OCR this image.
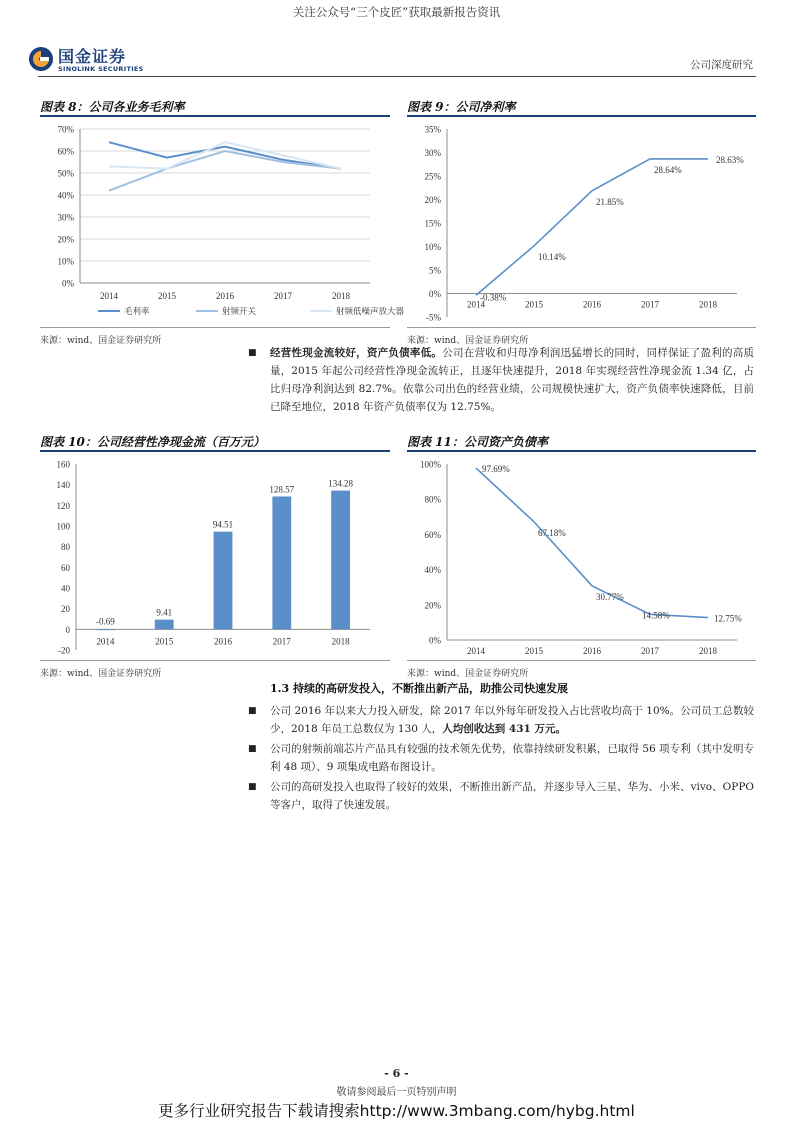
关注公众号“三个皮匠”获取最新报告资讯
国金证券
SINOLINK SECURITIES	公司深度研究
图表 8：公司各业务毛利率
0%
10%
20%
30%
40%
50%
60%
70%
2014	2015	2016	2017	2018
毛利率	射频开关	射频低噪声放大器
来源：wind、国金证券研究所
图表 9：公司净利率
-5%
0%
5%
10%
15%
20%
25%
30%
35%
2014	2015	2016	2017	2018
-0.38%
10.14%
21.85%
28.64%
28.63%
来源：wind、国金证券研究所
■ 经营性现金流较好，资产负债率低。公司在营收和归母净利润迅猛增长的同时，同样保证了盈利的高质量，2015 年起公司经营性净现金流转正，且逐年快速提升，2018 年实现经营性净现金流 1.34 亿，占比归母净利润达到 82.7%。依靠公司出色的经营业绩，公司规模快速扩大，资产负债率快速降低，目前已降至地位，2018 年资产负债率仅为 12.75%。
图表 10：公司经营性净现金流（百万元）
-20
0
20
40
60
80
100
120
140
160
2014	2015	2016	2017	2018
-0.69
9.41
94.51
128.57
134.28
来源：wind、国金证券研究所
图表 11：公司资产负债率
0%
20%
40%
60%
80%
100%
2014	2015	2016	2017	2018
97.69%
67.18%
30.77%
14.58%	12.75%
来源：wind、国金证券研究所
1.3 持续的高研发投入，不断推出新产品，助推公司快速发展
■ 公司 2016 年以来大力投入研发，除 2017 年以外每年研发投入占比营收均高于 10%。公司员工总数较少，2018 年员工总数仅为 130 人，人均创收达到 431 万元。
■ 公司的射频前端芯片产品具有较强的技术领先优势，依靠持续研发积累，已取得 56 项专利（其中发明专利 48 项）、9 项集成电路布图设计。
■ 公司的高研发投入也取得了较好的效果，不断推出新产品，并逐步导入三星、华为、小米、vivo、OPPO 等客户，取得了快速发展。
- 6 -
敬请参阅最后一页特别声明
更多行业研究报告下载请搜索http://www.3mbang.com/hybg.html
